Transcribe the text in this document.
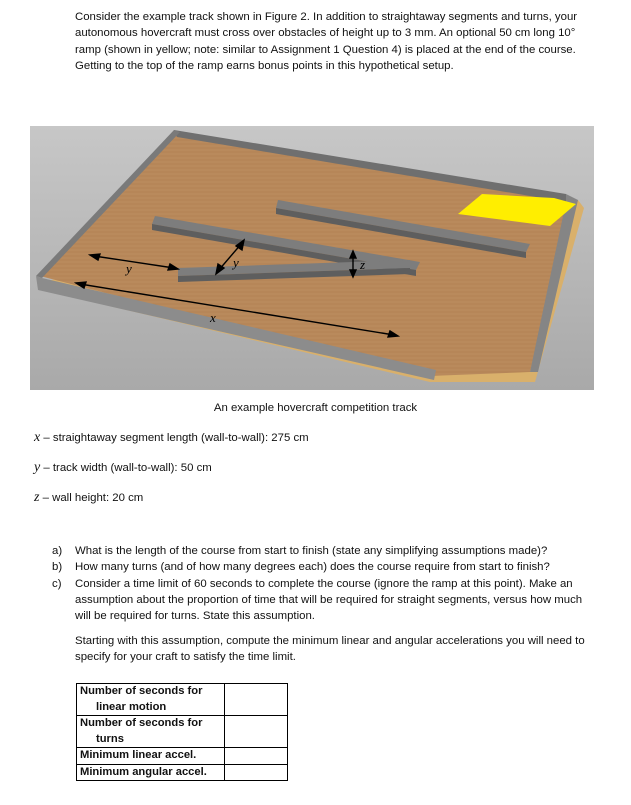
Consider the example track shown in Figure 2. In addition to straightaway segments and turns, your autonomous hovercraft must cross over obstacles of height up to 3 mm. An optional 50 cm long 10° ramp (shown in yellow; note: similar to Assignment 1 Question 4) is placed at the end of the course. Getting to the top of the ramp earns bonus points in this hypothetical setup.

y	y
x
z

An example hovercraft competition track

x – straightaway segment length (wall-to-wall): 275 cm

y – track width (wall-to-wall): 50 cm

z – wall height: 20 cm

a) What is the length of the course from start to finish (state any simplifying assumptions made)?
b) How many turns (and of how many degrees each) does the course require from start to finish?
c) Consider a time limit of 60 seconds to complete the course (ignore the ramp at this point). Make an assumption about the proportion of time that will be required for straight segments, versus how much will be required for turns. State this assumption.

Starting with this assumption, compute the minimum linear and angular accelerations you will need to specify for your craft to satisfy the time limit.

Number of seconds for
linear motion	

Number of seconds for
turns	

Minimum linear accel.	
Minimum angular accel.	
